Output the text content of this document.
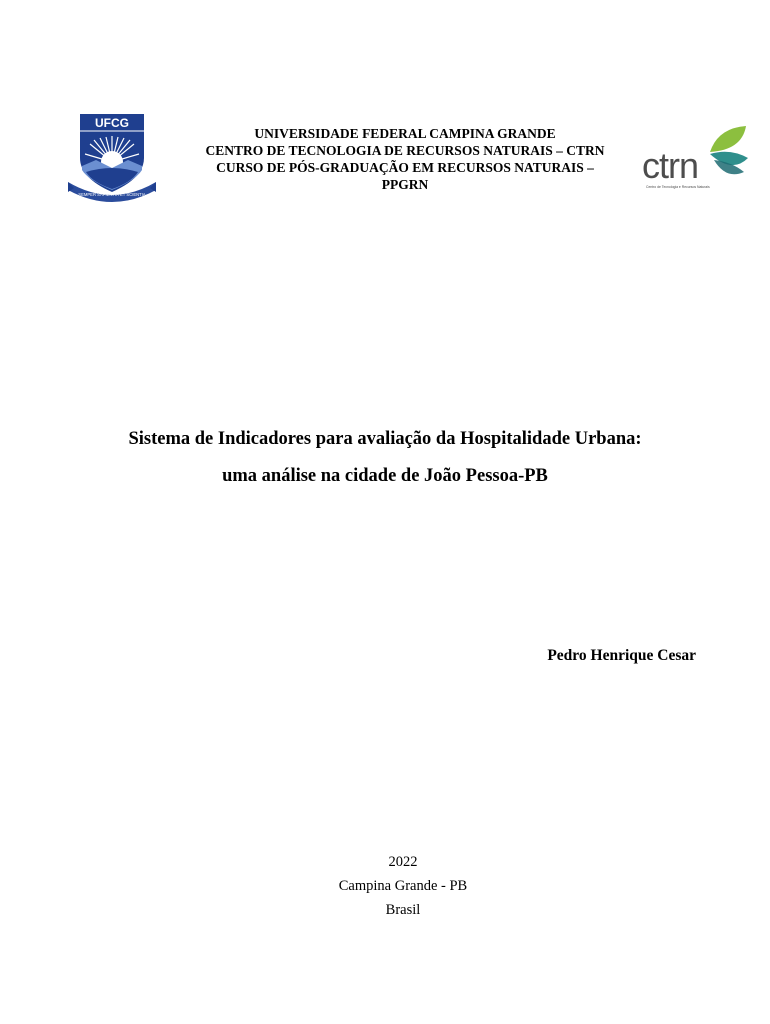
UFCG
SEMPER SAPIENTIA ET SCIENTIA
UNIVERSIDADE FEDERAL CAMPINA GRANDE
CENTRO DE TECNOLOGIA DE RECURSOS NATURAIS – CTRN
CURSO DE PÓS-GRADUAÇÃO EM RECURSOS NATURAIS –
PPGRN	ctrn
Centro de Tecnologia e Recursos Naturais
Sistema de Indicadores para avaliação da Hospitalidade Urbana:
uma análise na cidade de João Pessoa-PB
Pedro Henrique Cesar
2022
Campina Grande - PB
Brasil
